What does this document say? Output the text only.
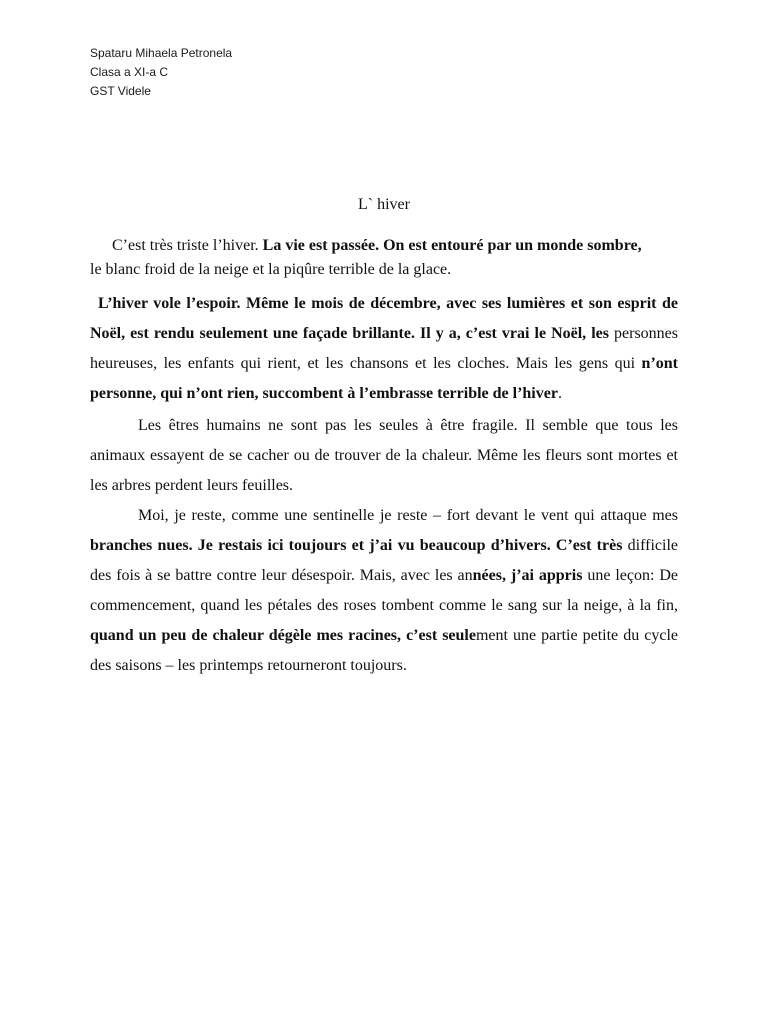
Spataru Mihaela Petronela
Clasa a XI-a C
GST Videle
L` hiver

C’est très triste l’hiver. La vie est passée. On est entouré par un monde sombre,
le blanc froid de la neige et la piqûre terrible de la glace.

L’hiver vole l’espoir. Même le mois de décembre, avec ses lumières et son esprit de Noël, est rendu seulement une façade brillante. Il y a, c’est vrai le Noël, les personnes heureuses, les enfants qui rient, et les chansons et les cloches. Mais les gens qui n’ont personne, qui n’ont rien, succombent à l’embrasse terrible de l’hiver.

Les êtres humains ne sont pas les seules à être fragile. Il semble que tous les animaux essayent de se cacher ou de trouver de la chaleur. Même les fleurs sont mortes et les arbres perdent leurs feuilles.

Moi, je reste, comme une sentinelle je reste – fort devant le vent qui attaque mes branches nues. Je restais ici toujours et j’ai vu beaucoup d’hivers. C’est très difficile des fois à se battre contre leur désespoir. Mais, avec les années, j’ai appris une leçon: De commencement, quand les pétales des roses tombent comme le sang sur la neige, à la fin, quand un peu de chaleur dégèle mes racines, c’est seulement une partie petite du cycle des saisons – les printemps retourneront toujours.
